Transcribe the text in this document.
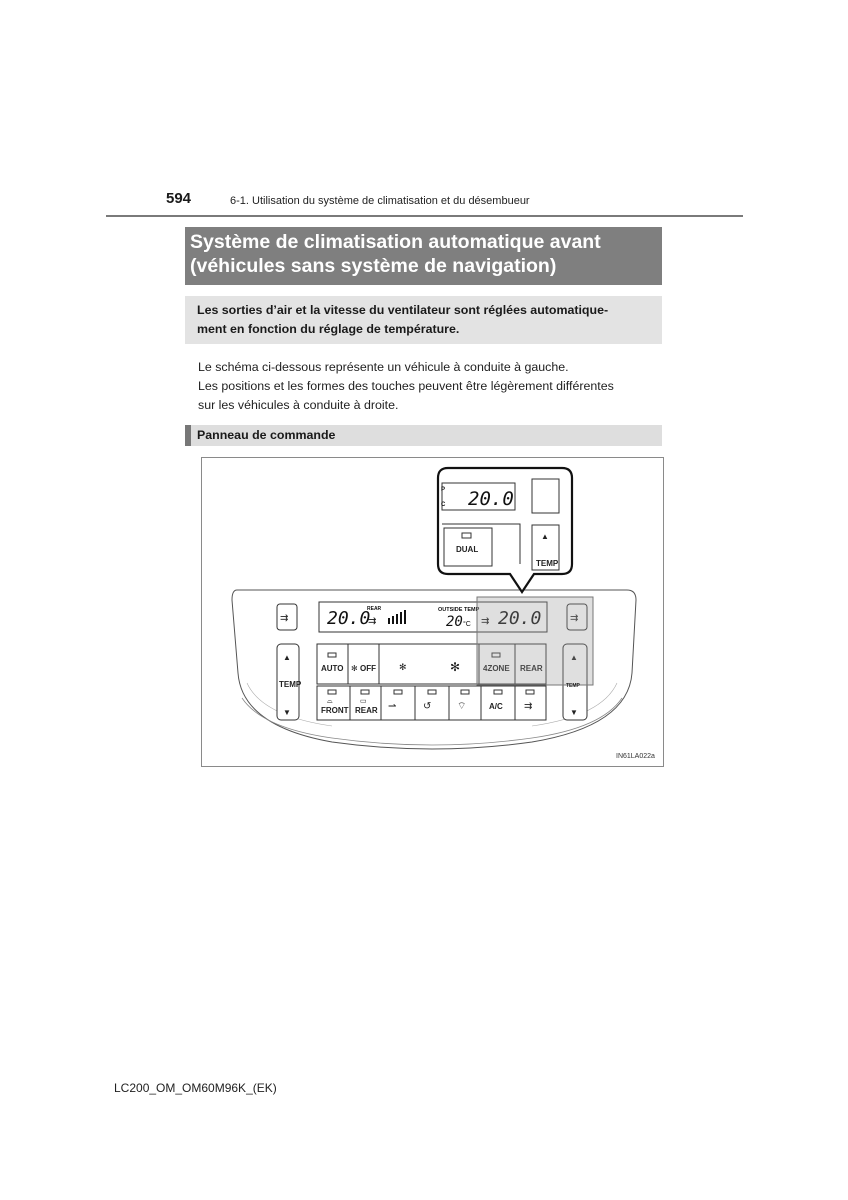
594	6-1. Utilisation du système de climatisation et du désembueur
Système de climatisation automatique avant
(véhicules sans système de navigation)
Les sorties d’air et la vitesse du ventilateur sont réglées automatique-
ment en fonction du réglage de température.
Le schéma ci-dessous représente un véhicule à conduite à gauche.
Les positions et les formes des touches peuvent être légèrement différentes
sur les véhicules à conduite à droite.
Panneau de commande
⇉
▲
TEMP
▼
20.0
REAR
⇉
OUTSIDE TEMP
20 °C ⇉ 20.0	⇉
▲
▼
AUTO ✻ OFF	✻	✻	4ZONE REAR
⌓
FRONT
▭
REAR ⇀	↺	⌔	A/C ⇉
TEMP
P
C 20.0
DUAL
▲
TEMP
IN61LA022a
LC200_OM_OM60M96K_(EK)
